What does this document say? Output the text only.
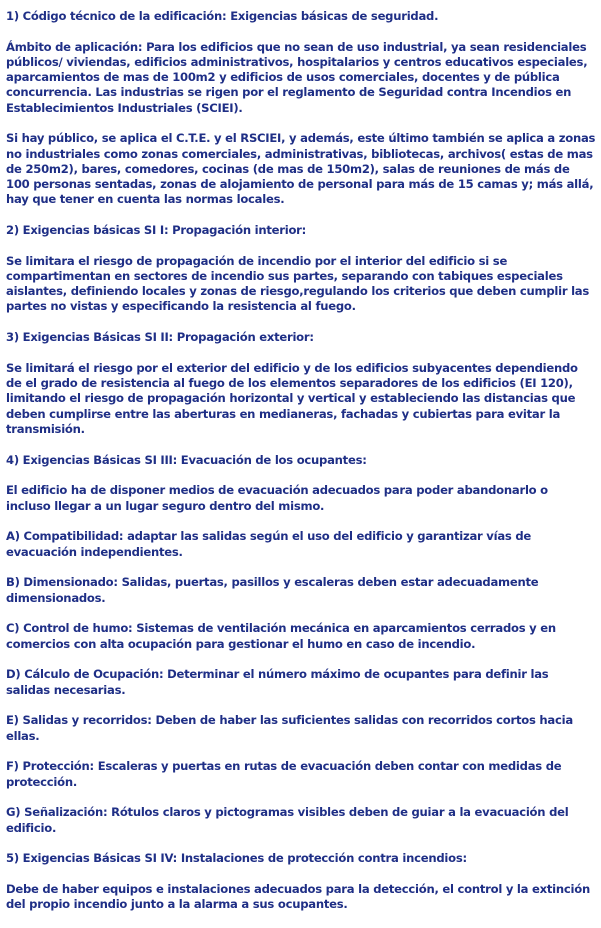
1) Código técnico de la edificación: Exigencias básicas de seguridad.
Ámbito de aplicación: Para los edificios que no sean de uso industrial, ya sean residenciales públicos/ viviendas, edificios administrativos, hospitalarios y centros educativos especiales, aparcamientos de mas de 100m2 y edificios de usos comerciales, docentes y de pública concurrencia. Las industrias se rigen por el reglamento de Seguridad contra Incendios en Establecimientos Industriales (SCIEI).
Si hay público, se aplica el C.T.E. y el RSCIEI, y además, este último también se aplica a zonas no industriales como zonas comerciales, administrativas, bibliotecas, archivos( estas de mas de 250m2), bares, comedores, cocinas (de mas de 150m2), salas de reuniones de más de 100 personas sentadas, zonas de alojamiento de personal para más de 15 camas y; más allá, hay que tener en cuenta las normas locales.
2) Exigencias básicas SI I: Propagación interior:
Se limitara el riesgo de propagación de incendio por el interior del edificio si se compartimentan en sectores de incendio sus partes, separando con tabiques especiales aislantes, definiendo locales y zonas de riesgo,regulando los criterios que deben cumplir las partes no vistas y especificando la resistencia al fuego.
3) Exigencias Básicas SI II: Propagación exterior:
Se limitará el riesgo por el exterior del edificio y de los edificios subyacentes dependiendo de el grado de resistencia al fuego de los elementos separadores de los edificios (EI 120), limitando el riesgo de propagación horizontal y vertical y estableciendo las distancias que deben cumplirse entre las aberturas en medianeras, fachadas y cubiertas para evitar la transmisión.
4) Exigencias Básicas SI III: Evacuación de los ocupantes:
El edificio ha de disponer medios de evacuación adecuados para poder abandonarlo o incluso llegar a un lugar seguro dentro del mismo.
A) Compatibilidad: adaptar las salidas según el uso del edificio y garantizar vías de evacuación independientes.
B) Dimensionado: Salidas, puertas, pasillos y escaleras deben estar adecuadamente dimensionados.
C) Control de humo: Sistemas de ventilación mecánica en aparcamientos cerrados y en comercios con alta ocupación para gestionar el humo en caso de incendio.
D) Cálculo de Ocupación: Determinar el número máximo de ocupantes para definir las salidas necesarias.
E) Salidas y recorridos: Deben de haber las suficientes salidas con recorridos cortos hacia ellas.
F) Protección: Escaleras y puertas en rutas de evacuación deben contar con medidas de protección.
G) Señalización: Rótulos claros y pictogramas visibles deben de guiar a la evacuación del edificio.
5) Exigencias Básicas SI IV: Instalaciones de protección contra incendios:
Debe de haber equipos e instalaciones adecuados para la detección, el control y la extinción del propio incendio junto a la alarma a sus ocupantes.
